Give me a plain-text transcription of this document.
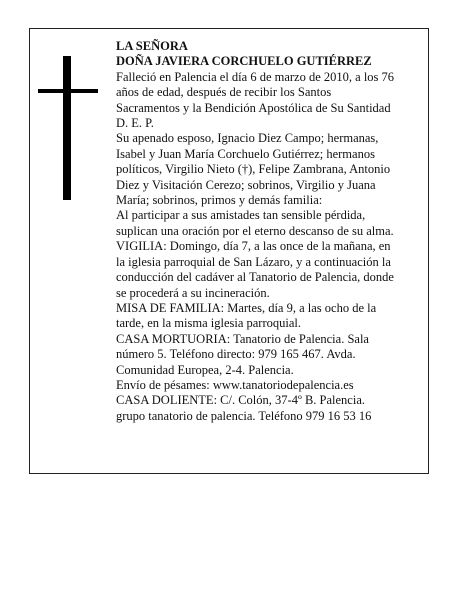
LA SEÑORA
DOÑA JAVIERA CORCHUELO GUTIÉRREZ
Falleció en Palencia el día 6 de marzo de 2010, a los 76
años de edad, después de recibir los Santos
Sacramentos y la Bendición Apostólica de Su Santidad
D. E. P.
Su apenado esposo, Ignacio Diez Campo; hermanas,
Isabel y Juan María Corchuelo Gutiérrez; hermanos
políticos, Virgilio Nieto (†), Felipe Zambrana, Antonio
Diez y Visitación Cerezo; sobrinos, Virgilio y Juana
María; sobrinos, primos y demás familia:
Al participar a sus amistades tan sensible pérdida,
suplican una oración por el eterno descanso de su alma.
VIGILIA: Domingo, día 7, a las once de la mañana, en
la iglesia parroquial de San Lázaro, y a continuación la
conducción del cadáver al Tanatorio de Palencia, donde
se procederá a su incineración.
MISA DE FAMILIA: Martes, día 9, a las ocho de la
tarde, en la misma iglesia parroquial.
CASA MORTUORIA: Tanatorio de Palencia. Sala
número 5. Teléfono directo: 979 165 467. Avda.
Comunidad Europea, 2-4. Palencia.
Envío de pésames: www.tanatoriodepalencia.es
CASA DOLIENTE: C/. Colón, 37-4º B. Palencia.
grupo tanatorio de palencia. Teléfono 979 16 53 16
